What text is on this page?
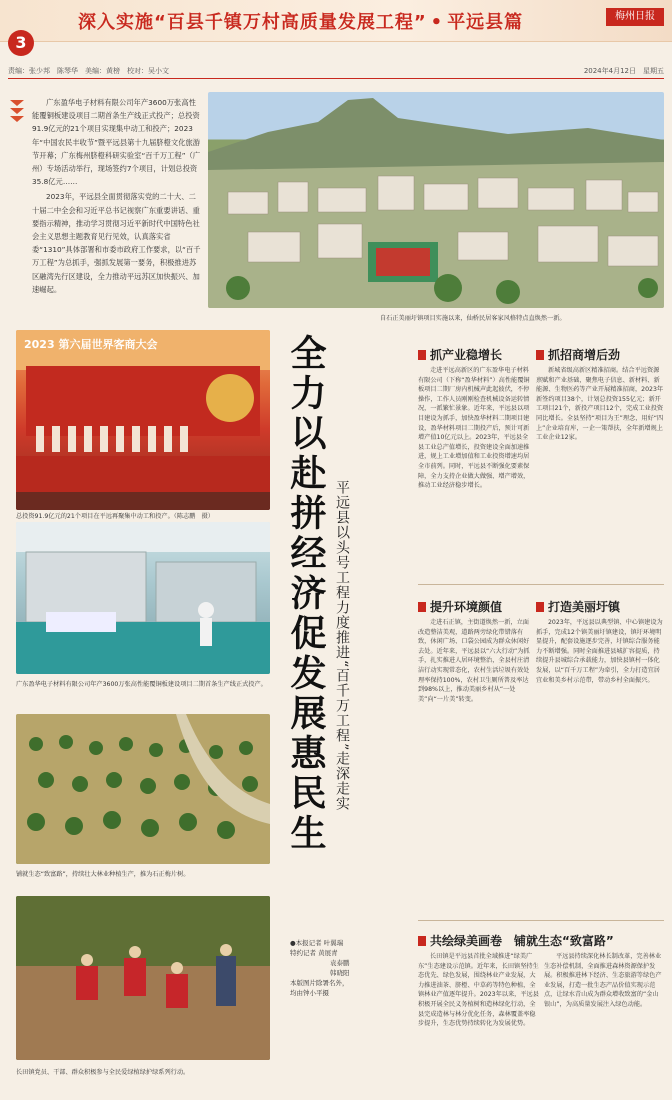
深入实施“百县千镇万村高质量发展工程” • 平远县篇	梅州日报
3
责编：张少邦　陈琴华　美编：黄榜　校对：吴小文	2024年4月12日　星期五

广东盈华电子材料有限公司年产3600万张高性能覆铜板建设项目二期首条生产线正式投产；总投资91.9亿元的21个项目实现集中动工和投产；2023年“中国农民丰收节”暨平远县第十九届脐橙文化旅游节开幕；广东梅州脐橙科研实验室“百千万工程”（广州）专场活动举行，现场签约7个项目，计划总投资35.8亿元……

2023年，平远县全面贯彻落实党的二十大、二十届二中全会和习近平总书记视察广东重要讲话、重要指示精神，推动学习贯彻习近平新时代中国特色社会主义思想主题教育见行见效，认真落实省委“1310”具体部署和市委市政府工作要求，以“百千万工程”为总抓手，强抓发展第一要务，积极推进苏区融湾先行区建设，全力推动平远苏区加快振兴、加速崛起。

自石正美丽圩镇项目实施以来，仙桥民居客家风格特点直焕然一新。
2023 第六届世界客商大会
总投资91.9亿元的21个项目在平远再聚集中动工和投产。（陈志鹏　摄）
广东盈华电子材料有限公司年产3600万张高性能覆铜板建设项目二期首条生产线正式投产。
铺就生态“致富路”，持续壮大林业种植生产，推为石正梅片树。
长田镇党员、干部、群众积极参与全民爱绿植绿护绿系列行动。
全力以赴拼经济促发展惠民生 平远县以头号工程力度推进“百千万工程”走深走实
●本报记者 叶翼瑞
特约记者 黄展青
袁泰鹏
韩晓阳
本版图片除署名外，
均由钟小平摄
抓产业稳增长	抓招商增后劲
走进平远高新区的广东盈华电子材料有限公司（下称“盈华材料”）高性能覆铜板项目二期厂房内机械声此起彼伏，不停操作，工作人员刚刚检查机械设备运转情况，一派繁忙景象。近年来，平远县以项目建设为抓手，加快盈华材料二期项目建设，盈华材料项目二期投产后，预计可新增产值10亿元以上。2023年，平远县全县工业总产值增长，投资建设全面加速推进，规上工业增加值和工业投资增速均居全市前列。同时，平远县不断强化要素保障，全力支持企业做大做强、增产增效，推动工业经济稳步增长。
新城省级高新区精准招商。结合平远资源禀赋和产业基础，聚焦电子信息、新材料、新能源、生物医药等产业开展精准招商，2023年新签约项目38个，计划总投资155亿元；新开工项目21个，新投产项目12个，完成工业投资同比增长。全县坚持“项目为王”理念，用好“四上”企业培育库，一企一策帮扶，全年新增规上工业企业12家。
提升环境颜值	打造美丽圩镇
走进石正镇，主街道焕然一新，立面改造整洁美观，道路两旁绿化带错落有致，休闲广场、口袋公园成为群众休闲好去处。近年来，平远县以“六大行动”为抓手，扎实推进人居环境整治，全县村庄清洁行动实现常态化，农村生活垃圾有效处理率保持100%，农村卫生厕所普及率达到98%以上，推动美丽乡村从“一处美”向“一片美”转变。
2023年，平远县以典型镇、中心镇建设为抓手，完成12个镇美丽圩镇建设，镇圩环境明显提升，配套设施逐步完善，圩镇综合服务能力不断增强。同时全面推进县城扩容提质，持续提升县城综合承载能力，加快县镇村一体化发展，以“百千万工程”为牵引，全力打造宜居宜业和美乡村示范带，带动乡村全面振兴。
共绘绿美画卷　铺就生态“致富路”
长田镇是平远县首批全域推进“绿美广东”生态建设示范镇。近年来，长田镇坚持生态优先、绿色发展，围绕林业产业发展，大力推进油茶、脐橙、中草药等特色种植，全镇林业产值逐年提升。2023年以来，平远县积极开展全民义务植树和造林绿化行动，全县完成造林与林分优化任务，森林覆盖率稳步提升，生态优势持续转化为发展优势。
平远县持续深化林长制改革，完善林业生态补偿机制，全面推进森林资源保护发展。积极推进林下经济、生态旅游等绿色产业发展，打造一批生态产品价值实现示范点，让绿水青山成为群众增收致富的“金山银山”，为高质量发展注入绿色动能。
